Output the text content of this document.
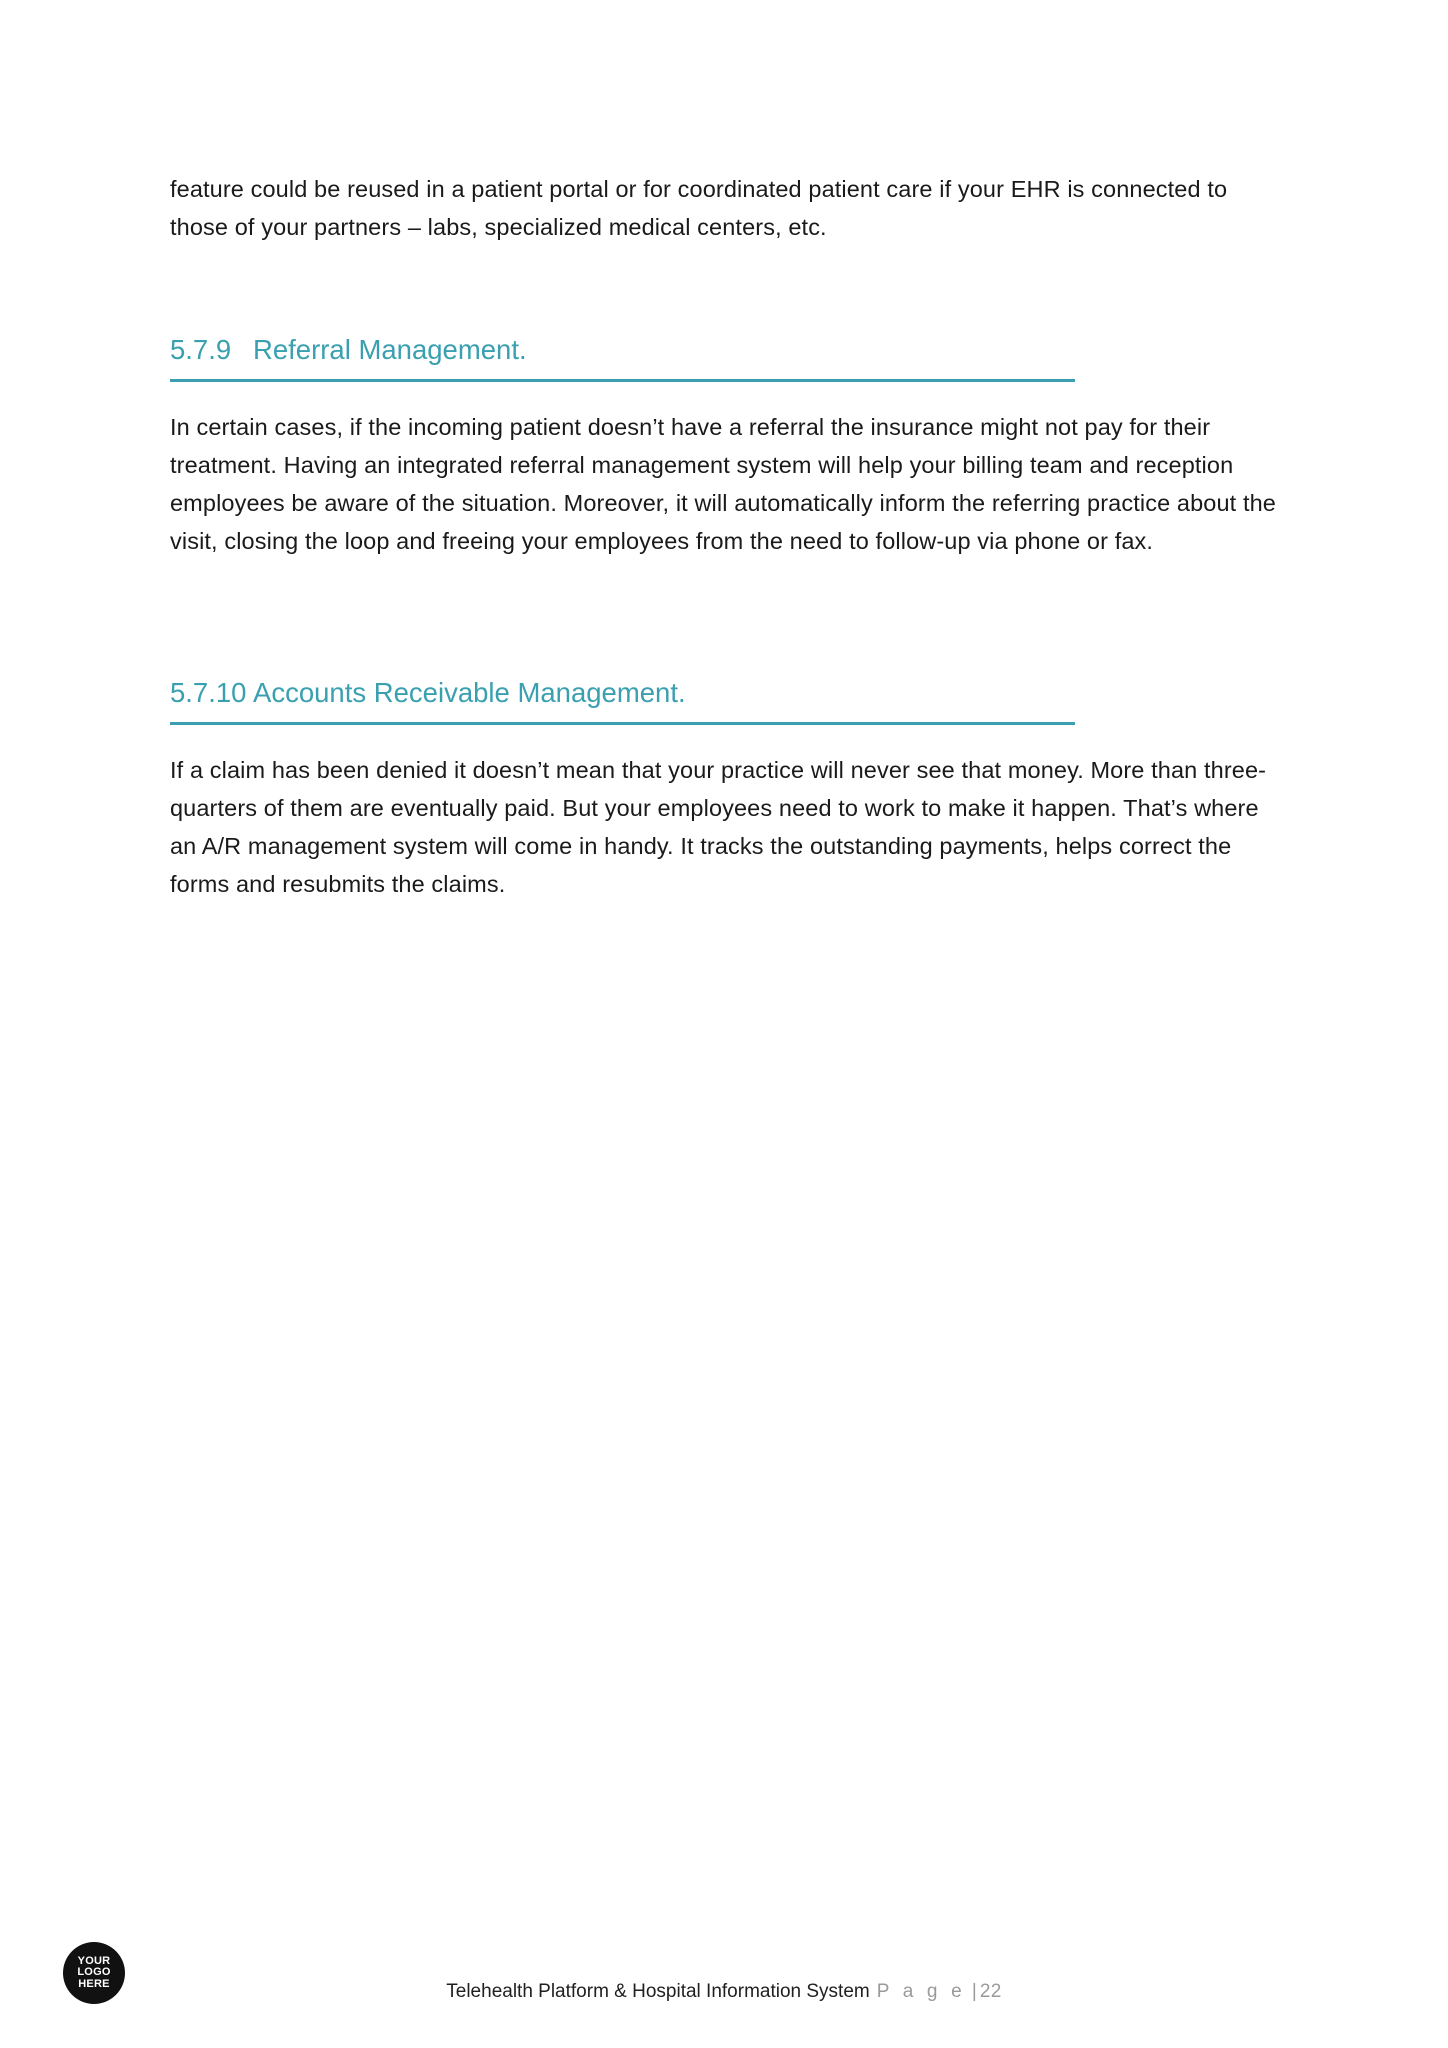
feature could be reused in a patient portal or for coordinated patient care if your EHR is connected to those of your partners – labs, specialized medical centers, etc.

5.7.9 Referral Management.

In certain cases, if the incoming patient doesn’t have a referral the insurance might not pay for their treatment. Having an integrated referral management system will help your billing team and reception employees be aware of the situation. Moreover, it will automatically inform the referring practice about the visit, closing the loop and freeing your employees from the need to follow-up via phone or fax.

5.7.10 Accounts Receivable Management.

If a claim has been denied it doesn’t mean that your practice will never see that money. More than three-quarters of them are eventually paid. But your employees need to work to make it happen. That’s where an A/R management system will come in handy. It tracks the outstanding payments, helps correct the forms and resubmits the claims.

YOUR
LOGO
HERE	Telehealth Platform & Hospital Information System P a g e | 22
